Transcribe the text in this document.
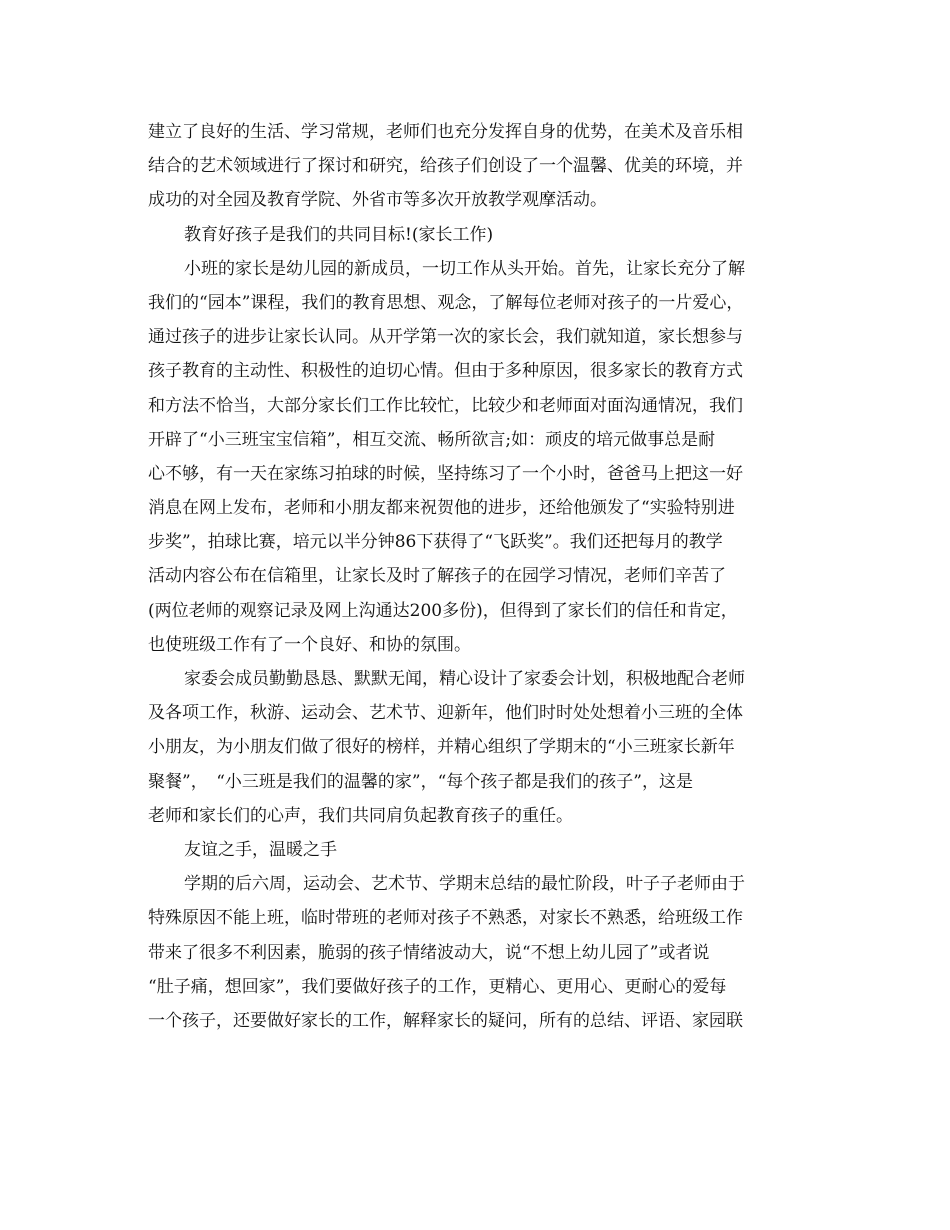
建立了良好的生活、学习常规，老师们也充分发挥自身的优势，在美术及音乐相
结合的艺术领域进行了探讨和研究，给孩子们创设了一个温馨、优美的环境，并
成功的对全园及教育学院、外省市等多次开放教学观摩活动。
教育好孩子是我们的共同目标!(家长工作)
小班的家长是幼儿园的新成员，一切工作从头开始。首先，让家长充分了解
我们的“园本”课程，我们的教育思想、观念，了解每位老师对孩子的一片爱心，
通过孩子的进步让家长认同。从开学第一次的家长会，我们就知道，家长想参与
孩子教育的主动性、积极性的迫切心情。但由于多种原因，很多家长的教育方式
和方法不恰当，大部分家长们工作比较忙，比较少和老师面对面沟通情况，我们
开辟了“小三班宝宝信箱”，相互交流、畅所欲言;如：顽皮的培元做事总是耐
心不够，有一天在家练习拍球的时候，坚持练习了一个小时，爸爸马上把这一好
消息在网上发布，老师和小朋友都来祝贺他的进步，还给他颁发了“实验特别进
步奖”，拍球比赛，培元以半分钟86下获得了“飞跃奖”。我们还把每月的教学
活动内容公布在信箱里，让家长及时了解孩子的在园学习情况，老师们辛苦了
(两位老师的观察记录及网上沟通达200多份)，但得到了家长们的信任和肯定，
也使班级工作有了一个良好、和协的氛围。
家委会成员勤勤恳恳、默默无闻，精心设计了家委会计划，积极地配合老师
及各项工作，秋游、运动会、艺术节、迎新年，他们时时处处想着小三班的全体
小朋友，为小朋友们做了很好的榜样，并精心组织了学期末的“小三班家长新年
聚餐”，　“小三班是我们的温馨的家”，“每个孩子都是我们的孩子”，这是
老师和家长们的心声，我们共同肩负起教育孩子的重任。
友谊之手，温暖之手
学期的后六周，运动会、艺术节、学期末总结的最忙阶段，叶子子老师由于
特殊原因不能上班，临时带班的老师对孩子不熟悉，对家长不熟悉，给班级工作
带来了很多不利因素，脆弱的孩子情绪波动大，说“不想上幼儿园了”或者说
“肚子痛，想回家”，我们要做好孩子的工作，更精心、更用心、更耐心的爱每
一个孩子，还要做好家长的工作，解释家长的疑问，所有的总结、评语、家园联
